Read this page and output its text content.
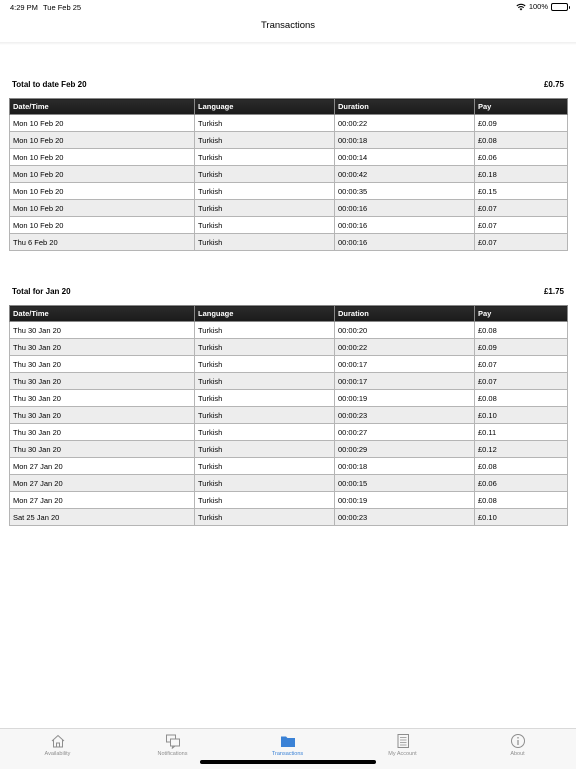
4:29 PM Tue Feb 25	100%
Transactions
Total to date Feb 20	£0.75
Date/Time	Language	Duration	Pay
Mon 10 Feb 20	Turkish	00:00:22	£0.09
Mon 10 Feb 20	Turkish	00:00:18	£0.08
Mon 10 Feb 20	Turkish	00:00:14	£0.06
Mon 10 Feb 20	Turkish	00:00:42	£0.18
Mon 10 Feb 20	Turkish	00:00:35	£0.15
Mon 10 Feb 20	Turkish	00:00:16	£0.07
Mon 10 Feb 20	Turkish	00:00:16	£0.07
Thu 6 Feb 20	Turkish	00:00:16	£0.07
Total for Jan 20	£1.75
Date/Time	Language	Duration	Pay
Thu 30 Jan 20	Turkish	00:00:20	£0.08
Thu 30 Jan 20	Turkish	00:00:22	£0.09
Thu 30 Jan 20	Turkish	00:00:17	£0.07
Thu 30 Jan 20	Turkish	00:00:17	£0.07
Thu 30 Jan 20	Turkish	00:00:19	£0.08
Thu 30 Jan 20	Turkish	00:00:23	£0.10
Thu 30 Jan 20	Turkish	00:00:27	£0.11
Thu 30 Jan 20	Turkish	00:00:29	£0.12
Mon 27 Jan 20	Turkish	00:00:18	£0.08
Mon 27 Jan 20	Turkish	00:00:15	£0.06
Mon 27 Jan 20	Turkish	00:00:19	£0.08
Sat 25 Jan 20	Turkish	00:00:23	£0.10
Availability	Notifications	Transactions	My Account	About
